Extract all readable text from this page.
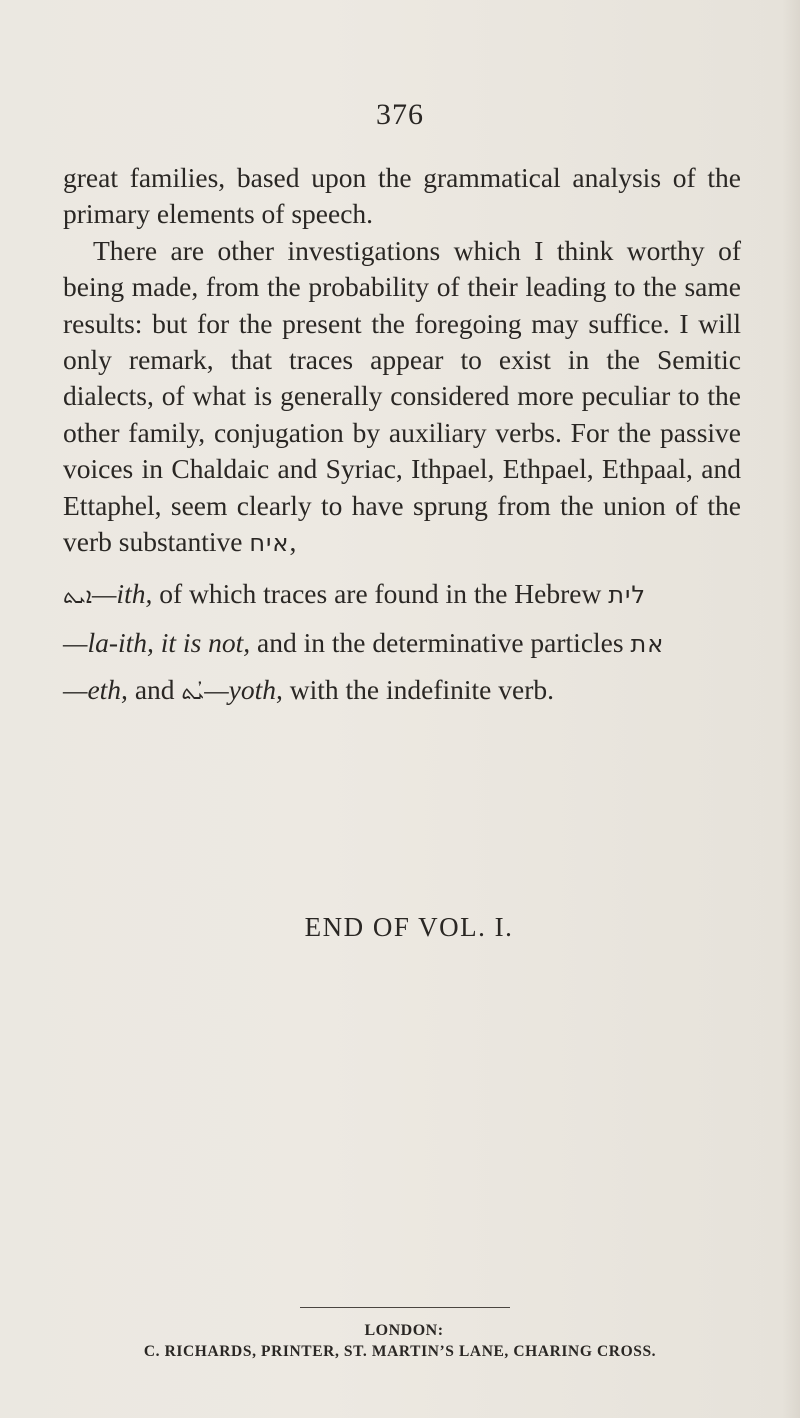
376

great families, based upon the grammatical analysis of the primary elements of speech.

There are other investigations which I think worthy of being made, from the probability of their leading to the same results: but for the present the foregoing may suffice. I will only remark, that traces appear to exist in the Semitic dialects, of what is generally considered more peculiar to the other family, conjugation by auxiliary verbs. For the passive voices in Chaldaic and Syriac, Ithpael, Ethpael, Ethpaal, and Ettaphel, seem clearly to have sprung from the union of the verb substantive איח,

ܐܝܬ—ith, of which traces are found in the Hebrew לית
—la-ith, it is not, and in the determinative particles את
—eth, and ܝܳܬ—yoth, with the indefinite verb.

END OF VOL. I.
LONDON:
C. RICHARDS, PRINTER, ST. MARTIN’S LANE, CHARING CROSS.
